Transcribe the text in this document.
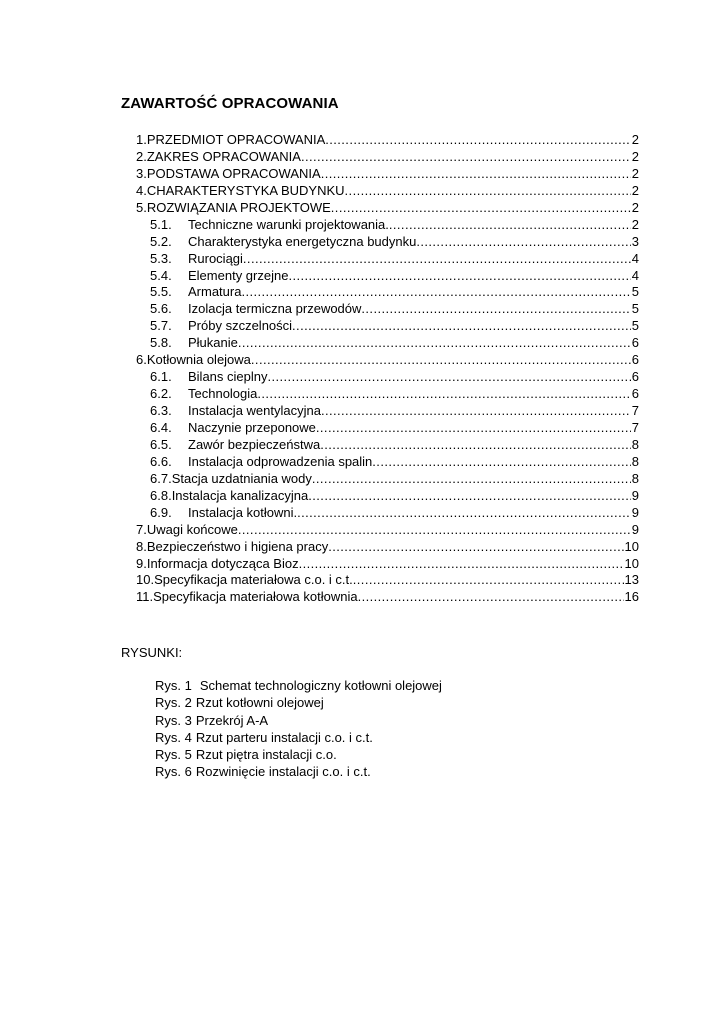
ZAWARTOŚĆ OPRACOWANIA
1. PRZEDMIOT OPRACOWANIA .....	2
2. ZAKRES OPRACOWANIA .....	2
3. PODSTAWA OPRACOWANIA .....	2
4. CHARAKTERYSTYKA BUDYNKU .....	2
5. ROZWIĄZANIA PROJEKTOWE .....	2
5.1.	Techniczne warunki projektowania. .....	2
5.2.	Charakterystyka energetyczna budynku .....	3
5.3.	Rurociągi .....	4
5.4.	Elementy grzejne .....	4
5.5.	Armatura .....	5
5.6.	Izolacja termiczna przewodów .....	5
5.7.	Próby szczelności .....	5
5.8.	Płukanie .....	6
6. Kotłownia olejowa .....	6
6.1.	Bilans cieplny .....	6
6.2.	Technologia .....	6
6.3.	Instalacja wentylacyjna .....	7
6.4.	Naczynie przeponowe .....	7
6.5.	Zawór bezpieczeństwa .....	8
6.6.	Instalacja odprowadzenia spalin .....	8
6.7. Stacja uzdatniania wody .....	8
6.8. Instalacja kanalizacyjna .....	9
6.9.	Instalacja kotłowni. .....	9
7. Uwagi końcowe .....	9
8. Bezpieczeństwo i higiena pracy .....	10
9. Informacja dotycząca Bioz .....	10
10. Specyfikacja materiałowa c.o. i c.t. .....	13
11. Specyfikacja materiałowa kotłownia .....	16
RYSUNKI:
Rys. 1 Schemat technologiczny kotłowni olejowej
Rys. 2 Rzut kotłowni olejowej
Rys. 3 Przekrój A-A
Rys. 4 Rzut parteru instalacji c.o. i c.t.
Rys. 5 Rzut piętra instalacji c.o.
Rys. 6 Rozwinięcie instalacji c.o. i c.t.
